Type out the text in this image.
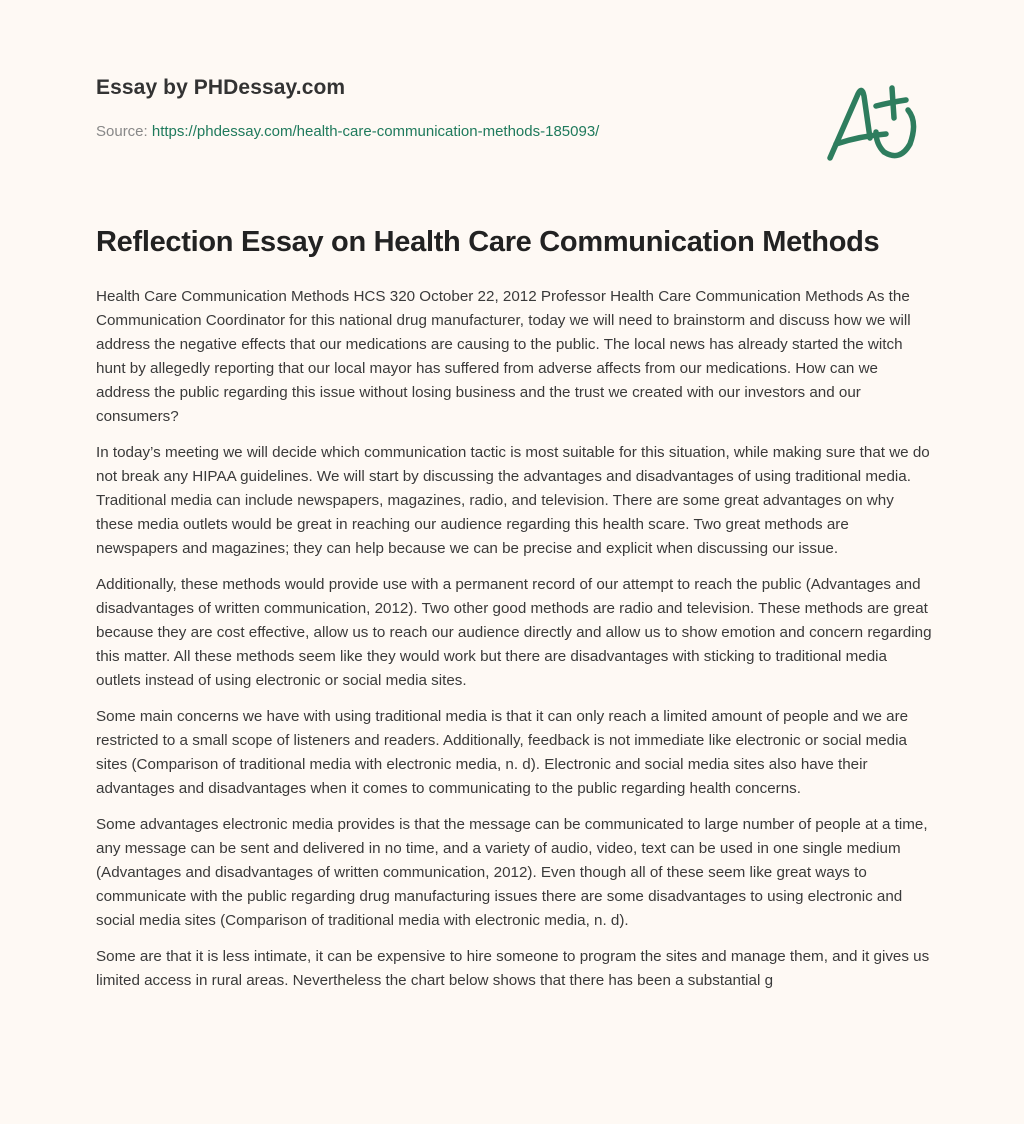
Essay by PHDessay.com
Source: https://phdessay.com/health-care-communication-methods-185093/
Reflection Essay on Health Care Communication Methods

Health Care Communication Methods HCS 320 October 22, 2012 Professor Health Care Communication Methods As the Communication Coordinator for this national drug manufacturer, today we will need to brainstorm and discuss how we will address the negative effects that our medications are causing to the public. The local news has already started the witch hunt by allegedly reporting that our local mayor has suffered from adverse affects from our medications. How can we address the public regarding this issue without losing business and the trust we created with our investors and our consumers?

In today’s meeting we will decide which communication tactic is most suitable for this situation, while making sure that we do not break any HIPAA guidelines. We will start by discussing the advantages and disadvantages of using traditional media. Traditional media can include newspapers, magazines, radio, and television. There are some great advantages on why these media outlets would be great in reaching our audience regarding this health scare. Two great methods are newspapers and magazines; they can help because we can be precise and explicit when discussing our issue.

Additionally, these methods would provide use with a permanent record of our attempt to reach the public (Advantages and disadvantages of written communication, 2012). Two other good methods are radio and television. These methods are great because they are cost effective, allow us to reach our audience directly and allow us to show emotion and concern regarding this matter. All these methods seem like they would work but there are disadvantages with sticking to traditional media outlets instead of using electronic or social media sites.

Some main concerns we have with using traditional media is that it can only reach a limited amount of people and we are restricted to a small scope of listeners and readers. Additionally, feedback is not immediate like electronic or social media sites (Comparison of traditional media with electronic media, n. d). Electronic and social media sites also have their advantages and disadvantages when it comes to communicating to the public regarding health concerns.

Some advantages electronic media provides is that the message can be communicated to large number of people at a time, any message can be sent and delivered in no time, and a variety of audio, video, text can be used in one single medium (Advantages and disadvantages of written communication, 2012). Even though all of these seem like great ways to communicate with the public regarding drug manufacturing issues there are some disadvantages to using electronic and social media sites (Comparison of traditional media with electronic media, n. d).

Some are that it is less intimate, it can be expensive to hire someone to program the sites and manage them, and it gives us limited access in rural areas. Nevertheless the chart below shows that there has been a substantial g
